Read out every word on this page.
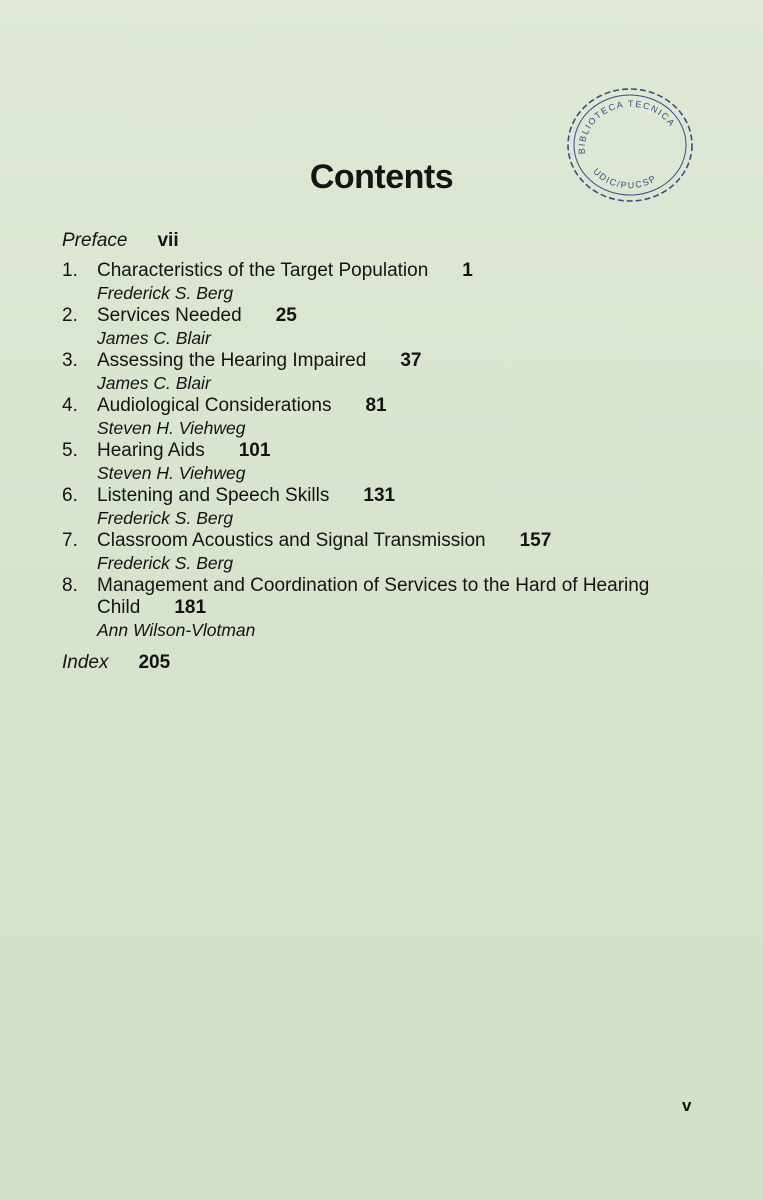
BIBLIOTECA TECNICA
UDIC/PUCSP
Contents
Preface vii
1. Characteristics of the Target Population 1
Frederick S. Berg
2. Services Needed 25
James C. Blair
3. Assessing the Hearing Impaired 37
James C. Blair
4. Audiological Considerations 81
Steven H. Viehweg
5. Hearing Aids 101
Steven H. Viehweg
6. Listening and Speech Skills 131
Frederick S. Berg
7. Classroom Acoustics and Signal Transmission 157
Frederick S. Berg
8. Management and Coordination of Services to the Hard of Hearing
Child 181
Ann Wilson-Vlotman
Index 205
v
